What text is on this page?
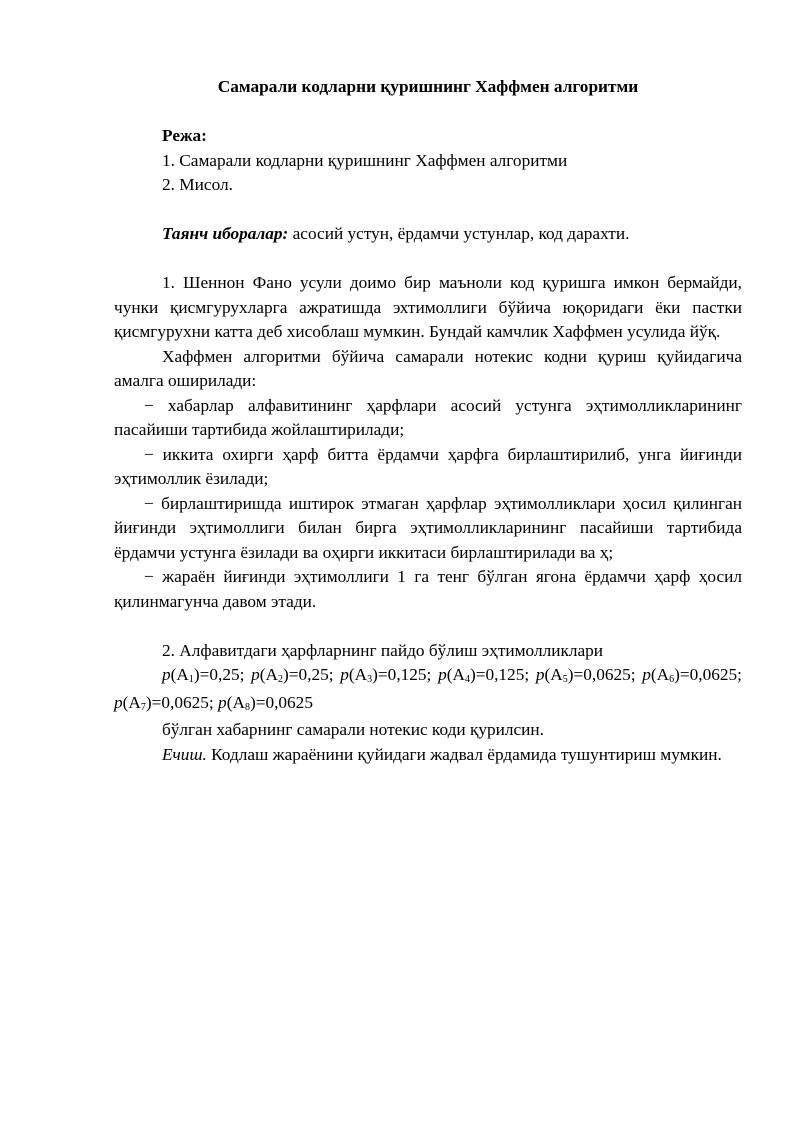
Самарали кодларни қуришнинг Хаффмен алгоритми

Режа:

1. Самарали кодларни қуришнинг Хаффмен алгоритми

2. Мисол.

Таянч иборалар: асосий устун, ёрдамчи устунлар, код дарахти.

1. Шеннон Фано усули доимо бир маъноли код қуришга имкон бермайди, чунки қисмгурухларга ажратишда эхтимоллиги бўйича юқоридаги ёки пастки қисмгурухни катта деб хисоблаш мумкин. Бундай камчлик Хаффмен усулида йўқ.

Хаффмен алгоритми бўйича самарали нотекис кодни қуриш қуйидагича амалга оширилади:

− хабарлар алфавитининг ҳарфлари асосий устунга эҳтимолликларининг пасайиши тартибида жойлаштирилади;

− иккита охирги ҳарф битта ёрдамчи ҳарфга бирлаштирилиб, унга йиғинди эҳтимоллик ёзилади;

− бирлаштиришда иштирок этмаган ҳарфлар эҳтимолликлари ҳосил қилинган йиғинди эҳтимоллиги билан бирга эҳтимолликларининг пасайиши тартибида ёрдамчи устунга ёзилади ва оҳирги иккитаси бирлаштирилади ва ҳ;

− жараён йиғинди эҳтимоллиги 1 га тенг бўлган ягона ёрдамчи ҳарф ҳосил қилинмагунча давом этади.

2. Алфавитдаги ҳарфларнинг пайдо бўлиш эҳтимолликлари

$p(A_1)=0,25$; $p(A_2)=0,25$; $p(A_3)=0,125$; $p(A_4)=0,125$; $p(A_5)=0,0625$; $p(A_6)=0,0625$; $p(A_7)=0,0625$; $p(A_8)=0,0625$

бўлган хабарнинг самарали нотекис коди қурилсин.

Ечиш. Кодлаш жараёнини қуйидаги жадвал ёрдамида тушунтириш мумкин.
